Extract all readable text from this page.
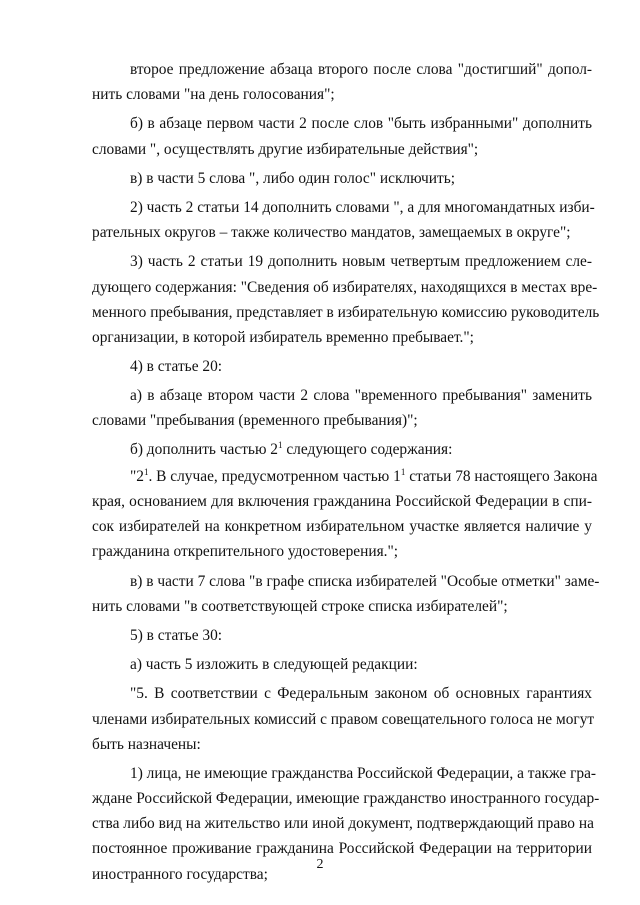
второе предложение абзаца второго после слова "достигший" допол-
нить словами "на день голосования";
б) в абзаце первом части 2 после слов "быть избранными" дополнить
словами ", осуществлять другие избирательные действия";
в) в части 5 слова ", либо один голос" исключить;
2) часть 2 статьи 14 дополнить словами ", а для многомандатных изби-
рательных округов – также количество мандатов, замещаемых в округе";
3) часть 2 статьи 19 дополнить новым четвертым предложением сле-
дующего содержания: "Сведения об избирателях, находящихся в местах вре-
менного пребывания, представляет в избирательную комиссию руководитель
организации, в которой избиратель временно пребывает.";
4) в статье 20:
а) в абзаце втором части 2 слова "временного пребывания" заменить
словами "пребывания (временного пребывания)";
б) дополнить частью $2^1$ следующего содержания:
"$2^1$. В случае, предусмотренном частью $1^1$ статьи 78 настоящего Закона
края, основанием для включения гражданина Российской Федерации в спи-
сок избирателей на конкретном избирательном участке является наличие у
гражданина открепительного удостоверения.";
в) в части 7 слова "в графе списка избирателей "Особые отметки" заме-
нить словами "в соответствующей строке списка избирателей";
5) в статье 30:
а) часть 5 изложить в следующей редакции:
"5. В соответствии с Федеральным законом об основных гарантиях
членами избирательных комиссий с правом совещательного голоса не могут
быть назначены:
1) лица, не имеющие гражданства Российской Федерации, а также гра-
ждане Российской Федерации, имеющие гражданство иностранного государ-
ства либо вид на жительство или иной документ, подтверждающий право на
постоянное проживание гражданина Российской Федерации на территории
иностранного государства;
2
